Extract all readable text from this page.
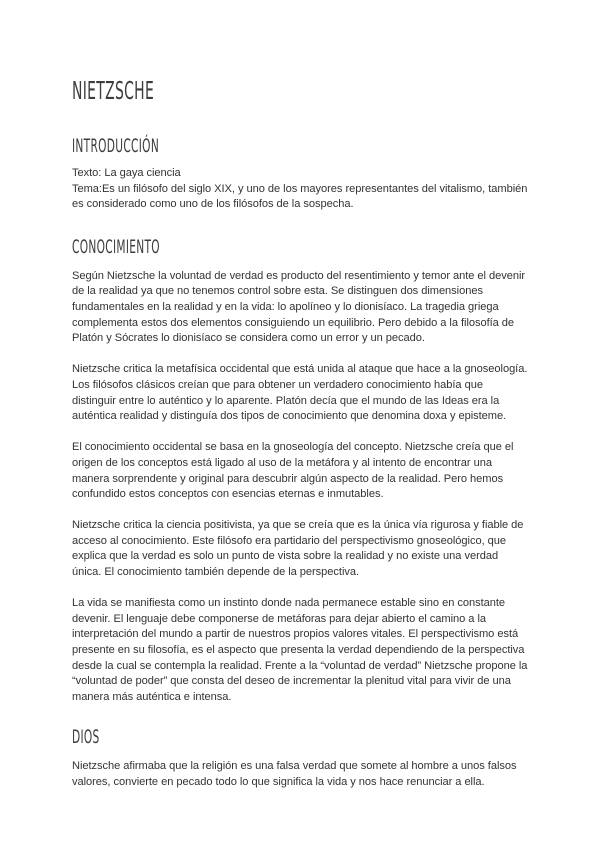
NIETZSCHE
INTRODUCCIÓN

Texto: La gaya ciencia

Tema:Es un filósofo del siglo XIX, y uno de los mayores representantes del vitalismo, también es considerado como uno de los filósofos de la sospecha.

CONOCIMIENTO

Según Nietzsche la voluntad de verdad es producto del resentimiento y temor ante el devenir de la realidad ya que no tenemos control sobre esta. Se distinguen dos dimensiones fundamentales en la realidad y en la vida: lo apolíneo y lo dionisíaco. La tragedia griega complementa estos dos elementos consiguiendo un equilibrio. Pero debido a la filosofía de Platón y Sócrates lo dionisíaco se considera como un error y un pecado.

Nietzsche critica la metafísica occidental que está unida al ataque que hace a la gnoseología.

Los filósofos clásicos creían que para obtener un verdadero conocimiento había que distinguir entre lo auténtico y lo aparente. Platón decía que el mundo de las Ideas era la auténtica realidad y distinguía dos tipos de conocimiento que denomina doxa y episteme.

El conocimiento occidental se basa en la gnoseología del concepto. Nietzsche creía que el origen de los conceptos está ligado al uso de la metáfora y al intento de encontrar una manera sorprendente y original para descubrir algún aspecto de la realidad. Pero hemos confundido estos conceptos con esencias eternas e inmutables.

Nietzsche critica la ciencia positivista, ya que se creía que es la única vía rigurosa y fiable de acceso al conocimiento. Este filósofo era partidario del perspectivismo gnoseológico, que explica que la verdad es solo un punto de vista sobre la realidad y no existe una verdad única. El conocimiento también depende de la perspectiva.

La vida se manifiesta como un instinto donde nada permanece estable sino en constante devenir. El lenguaje debe componerse de metáforas para dejar abierto el camino a la interpretación del mundo a partir de nuestros propios valores vitales. El perspectivismo está presente en su filosofía, es el aspecto que presenta la verdad dependiendo de la perspectiva desde la cual se contempla la realidad. Frente a la “voluntad de verdad” Nietzsche propone la “voluntad de poder” que consta del deseo de incrementar la plenitud vital para vivir de una manera más auténtica e intensa.

DIOS

Nietzsche afirmaba que la religión es una falsa verdad que somete al hombre a unos falsos valores, convierte en pecado todo lo que significa la vida y nos hace renunciar a ella.
